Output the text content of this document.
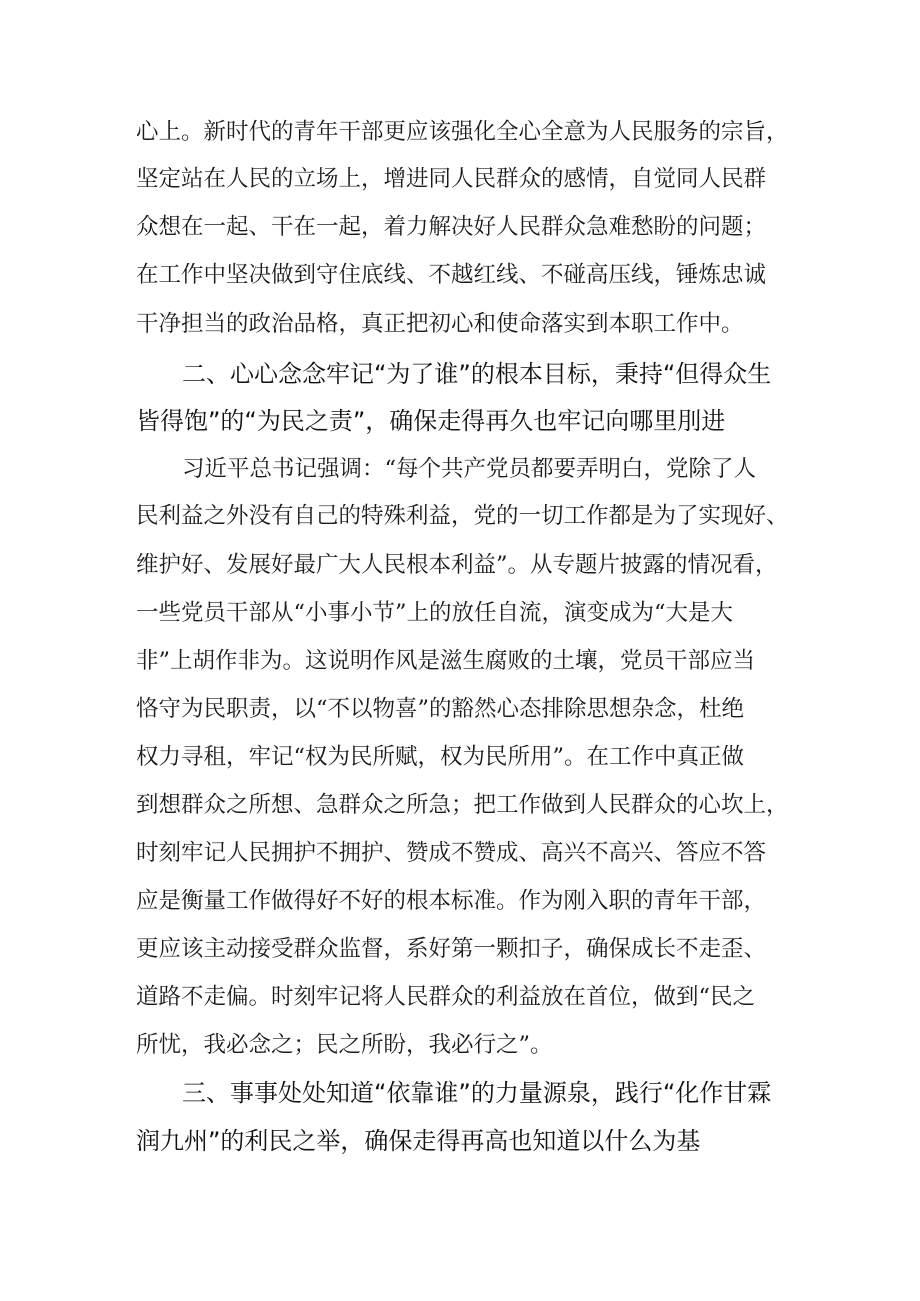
心上。新时代的青年干部更应该强化全心全意为人民服务的宗旨，

坚定站在人民的立场上，增进同人民群众的感情，自觉同人民群

众想在一起、干在一起，着力解决好人民群众急难愁盼的问题；

在工作中坚决做到守住底线、不越红线、不碰高压线，锤炼忠诚

干净担当的政治品格，真正把初心和使命落实到本职工作中。

二、心心念念牢记“为了谁”的根本目标，秉持“但得众生

皆得饱”的“为民之责”，确保走得再久也牢记向哪里刖进

习近平总书记强调：“每个共产党员都要弄明白，党除了人

民利益之外没有自己的特殊利益，党的一切工作都是为了实现好、

维护好、发展好最广大人民根本利益”。从专题片披露的情况看，

一些党员干部从“小事小节”上的放任自流，演变成为“大是大

非”上胡作非为。这说明作风是滋生腐败的土壤，党员干部应当

恪守为民职责，以“不以物喜”的豁然心态排除思想杂念，杜绝

权力寻租，牢记“权为民所赋，权为民所用”。在工作中真正做

到想群众之所想、急群众之所急；把工作做到人民群众的心坎上，

时刻牢记人民拥护不拥护、赞成不赞成、高兴不高兴、答应不答

应是衡量工作做得好不好的根本标准。作为刚入职的青年干部，

更应该主动接受群众监督，系好第一颗扣子，确保成长不走歪、

道路不走偏。时刻牢记将人民群众的利益放在首位，做到“民之

所忧，我必念之；民之所盼，我必行之”。

三、事事处处知道“依靠谁”的力量源泉，践行“化作甘霖

润九州”的利民之举，确保走得再高也知道以什么为基
